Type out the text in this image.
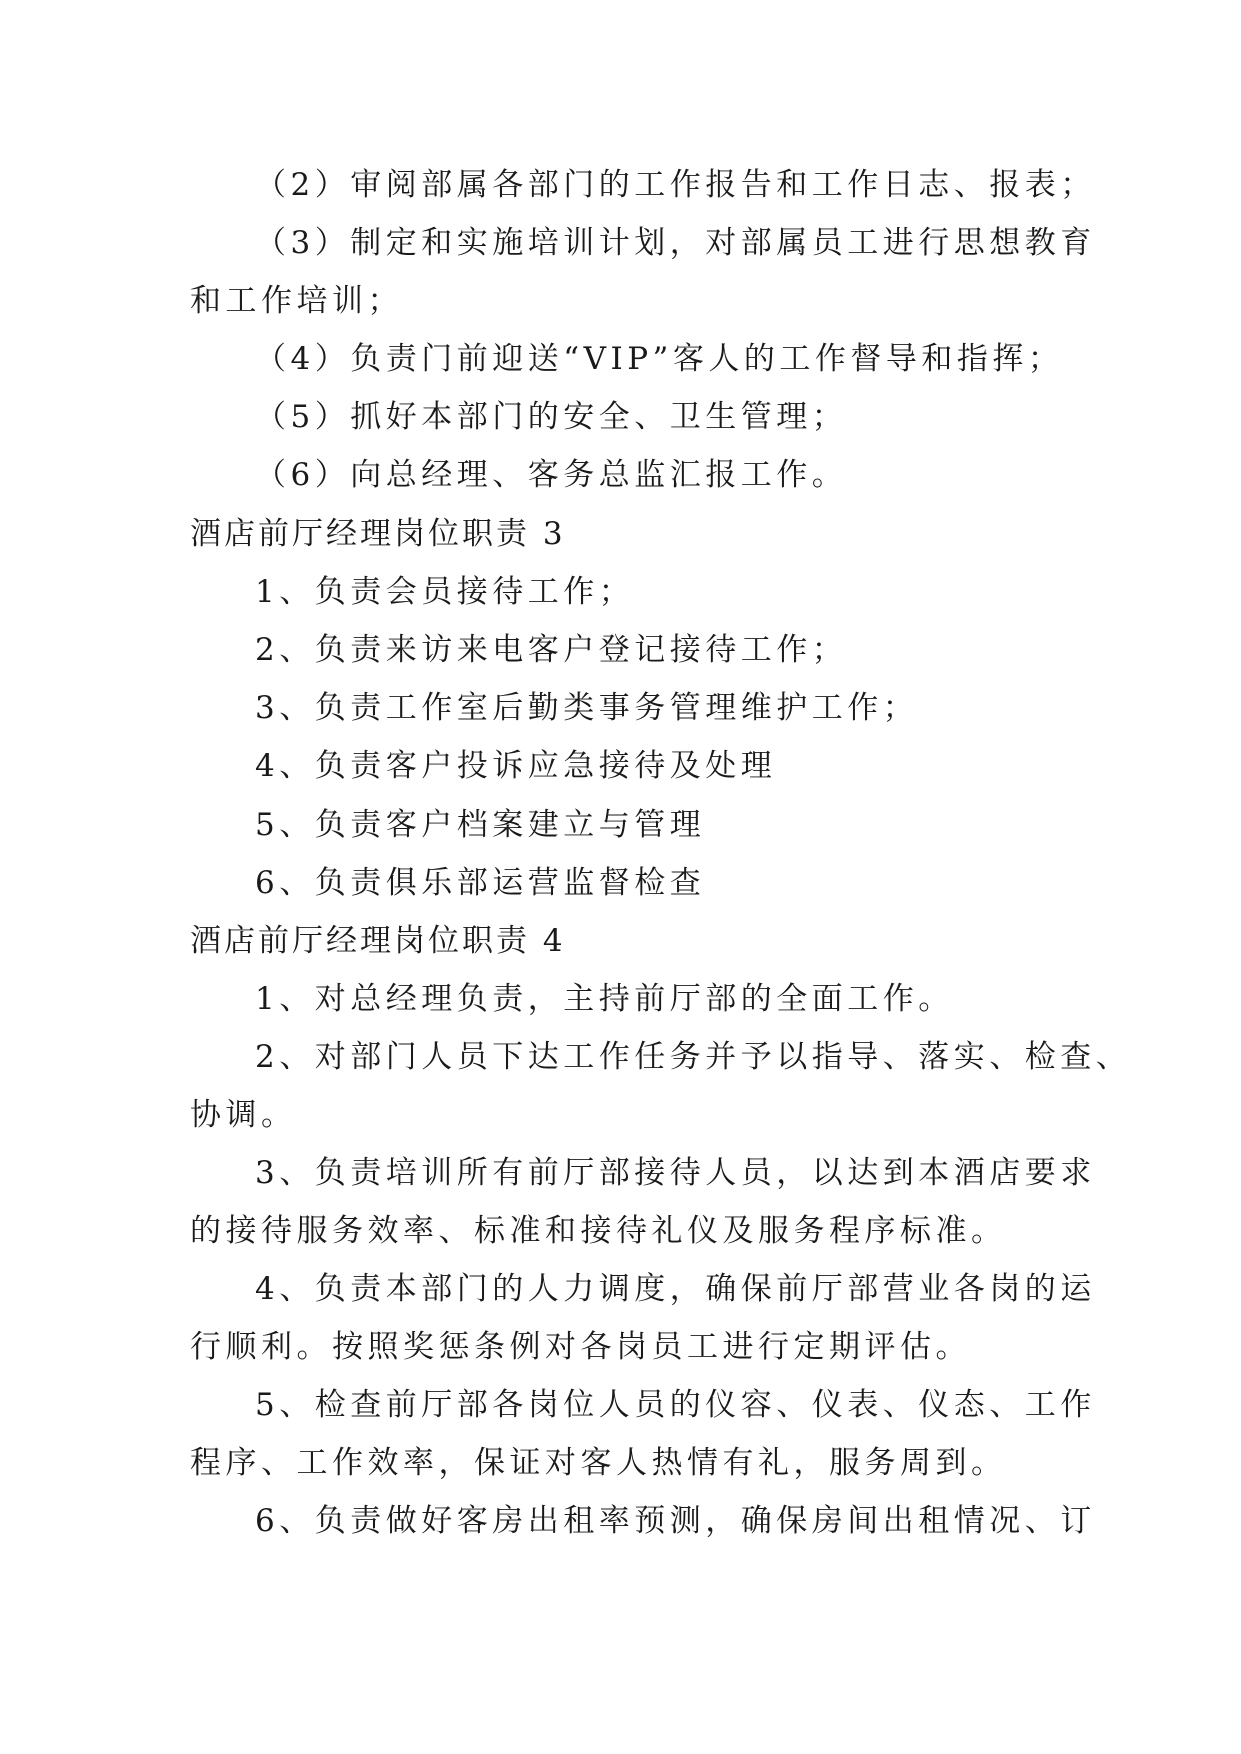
（2）审阅部属各部门的工作报告和工作日志、报表；
（3）制定和实施培训计划，对部属员工进行思想教育
和工作培训；
（4）负责门前迎送“VIP”客人的工作督导和指挥；
（5）抓好本部门的安全、卫生管理；
（6）向总经理、客务总监汇报工作。
酒店前厅经理岗位职责 3
1、负责会员接待工作；
2、负责来访来电客户登记接待工作；
3、负责工作室后勤类事务管理维护工作；
4、负责客户投诉应急接待及处理
5、负责客户档案建立与管理
6、负责俱乐部运营监督检查
酒店前厅经理岗位职责 4
1、对总经理负责，主持前厅部的全面工作。
2、对部门人员下达工作任务并予以指导、落实、检查、
协调。
3、负责培训所有前厅部接待人员，以达到本酒店要求
的接待服务效率、标准和接待礼仪及服务程序标准。
4、负责本部门的人力调度，确保前厅部营业各岗的运
行顺利。按照奖惩条例对各岗员工进行定期评估。
5、检查前厅部各岗位人员的仪容、仪表、仪态、工作
程序、工作效率，保证对客人热情有礼，服务周到。
6、负责做好客房出租率预测，确保房间出租情况、订
